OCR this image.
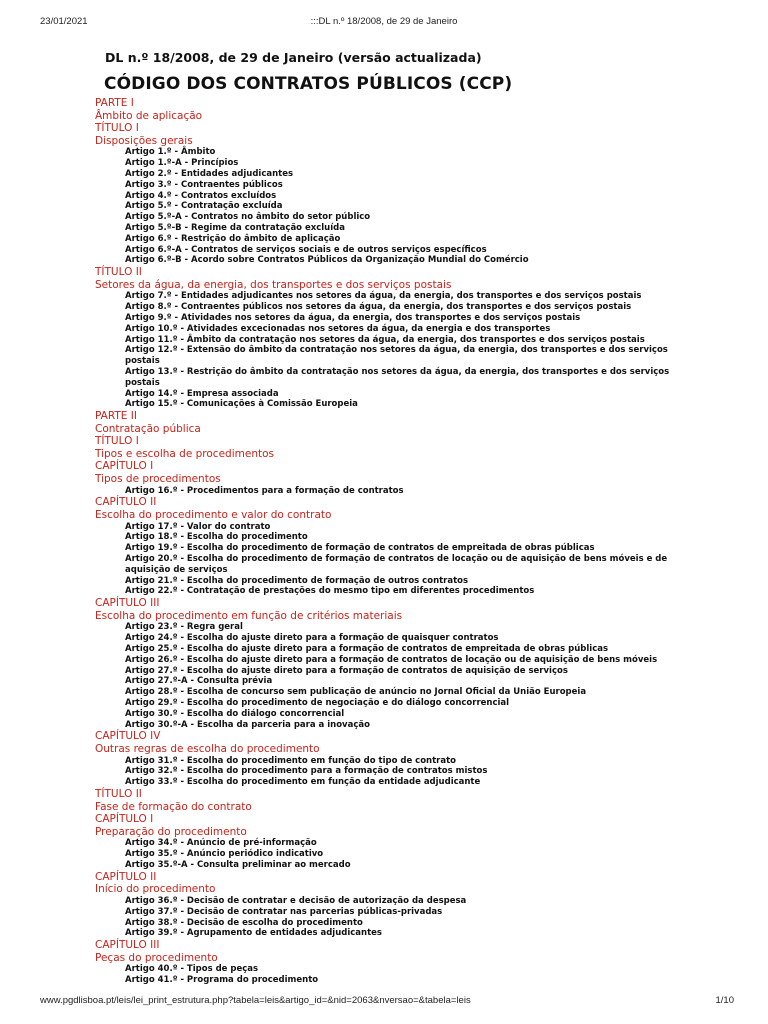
23/01/2021	:::DL n.º 18/2008, de 29 de Janeiro
DL n.º 18/2008, de 29 de Janeiro (versão actualizada)
CÓDIGO DOS CONTRATOS PÚBLICOS (CCP)
PARTE I
Âmbito de aplicação
TÍTULO I
Disposições gerais
Artigo 1.º - Âmbito
Artigo 1.º-A - Princípios
Artigo 2.º - Entidades adjudicantes
Artigo 3.º - Contraentes públicos
Artigo 4.º - Contratos excluídos
Artigo 5.º - Contratação excluída
Artigo 5.º-A - Contratos no âmbito do setor público
Artigo 5.º-B - Regime da contratação excluída
Artigo 6.º - Restrição do âmbito de aplicação
Artigo 6.º-A - Contratos de serviços sociais e de outros serviços específicos
Artigo 6.º-B - Acordo sobre Contratos Públicos da Organização Mundial do Comércio
TÍTULO II
Setores da água, da energia, dos transportes e dos serviços postais
Artigo 7.º - Entidades adjudicantes nos setores da água, da energia, dos transportes e dos serviços postais
Artigo 8.º - Contraentes públicos nos setores da água, da energia, dos transportes e dos serviços postais
Artigo 9.º - Atividades nos setores da água, da energia, dos transportes e dos serviços postais
Artigo 10.º - Atividades excecionadas nos setores da água, da energia e dos transportes
Artigo 11.º - Âmbito da contratação nos setores da água, da energia, dos transportes e dos serviços postais
Artigo 12.º - Extensão do âmbito da contratação nos setores da água, da energia, dos transportes e dos serviços postais
Artigo 13.º - Restrição do âmbito da contratação nos setores da água, da energia, dos transportes e dos serviços postais
Artigo 14.º - Empresa associada
Artigo 15.º - Comunicações à Comissão Europeia
PARTE II
Contratação pública
TÍTULO I
Tipos e escolha de procedimentos
CAPÍTULO I
Tipos de procedimentos
Artigo 16.º - Procedimentos para a formação de contratos
CAPÍTULO II
Escolha do procedimento e valor do contrato
Artigo 17.º - Valor do contrato
Artigo 18.º - Escolha do procedimento
Artigo 19.º - Escolha do procedimento de formação de contratos de empreitada de obras públicas
Artigo 20.º - Escolha do procedimento de formação de contratos de locação ou de aquisição de bens móveis e de aquisição de serviços
Artigo 21.º - Escolha do procedimento de formação de outros contratos
Artigo 22.º - Contratação de prestações do mesmo tipo em diferentes procedimentos
CAPÍTULO III
Escolha do procedimento em função de critérios materiais
Artigo 23.º - Regra geral
Artigo 24.º - Escolha do ajuste direto para a formação de quaisquer contratos
Artigo 25.º - Escolha do ajuste direto para a formação de contratos de empreitada de obras públicas
Artigo 26.º - Escolha do ajuste direto para a formação de contratos de locação ou de aquisição de bens móveis
Artigo 27.º - Escolha do ajuste direto para a formação de contratos de aquisição de serviços
Artigo 27.º-A - Consulta prévia
Artigo 28.º - Escolha de concurso sem publicação de anúncio no Jornal Oficial da União Europeia
Artigo 29.º - Escolha do procedimento de negociação e do diálogo concorrencial
Artigo 30.º - Escolha do diálogo concorrencial
Artigo 30.º-A - Escolha da parceria para a inovação
CAPÍTULO IV
Outras regras de escolha do procedimento
Artigo 31.º - Escolha do procedimento em função do tipo de contrato
Artigo 32.º - Escolha do procedimento para a formação de contratos mistos
Artigo 33.º - Escolha do procedimento em função da entidade adjudicante
TÍTULO II
Fase de formação do contrato
CAPÍTULO I
Preparação do procedimento
Artigo 34.º - Anúncio de pré-informação
Artigo 35.º - Anúncio periódico indicativo
Artigo 35.º-A - Consulta preliminar ao mercado
CAPÍTULO II
Início do procedimento
Artigo 36.º - Decisão de contratar e decisão de autorização da despesa
Artigo 37.º - Decisão de contratar nas parcerias públicas-privadas
Artigo 38.º - Decisão de escolha do procedimento
Artigo 39.º - Agrupamento de entidades adjudicantes
CAPÍTULO III
Peças do procedimento
Artigo 40.º - Tipos de peças
Artigo 41.º - Programa do procedimento
www.pgdlisboa.pt/leis/lei_print_estrutura.php?tabela=leis&artigo_id=&nid=2063&nversao=&tabela=leis	1/10
